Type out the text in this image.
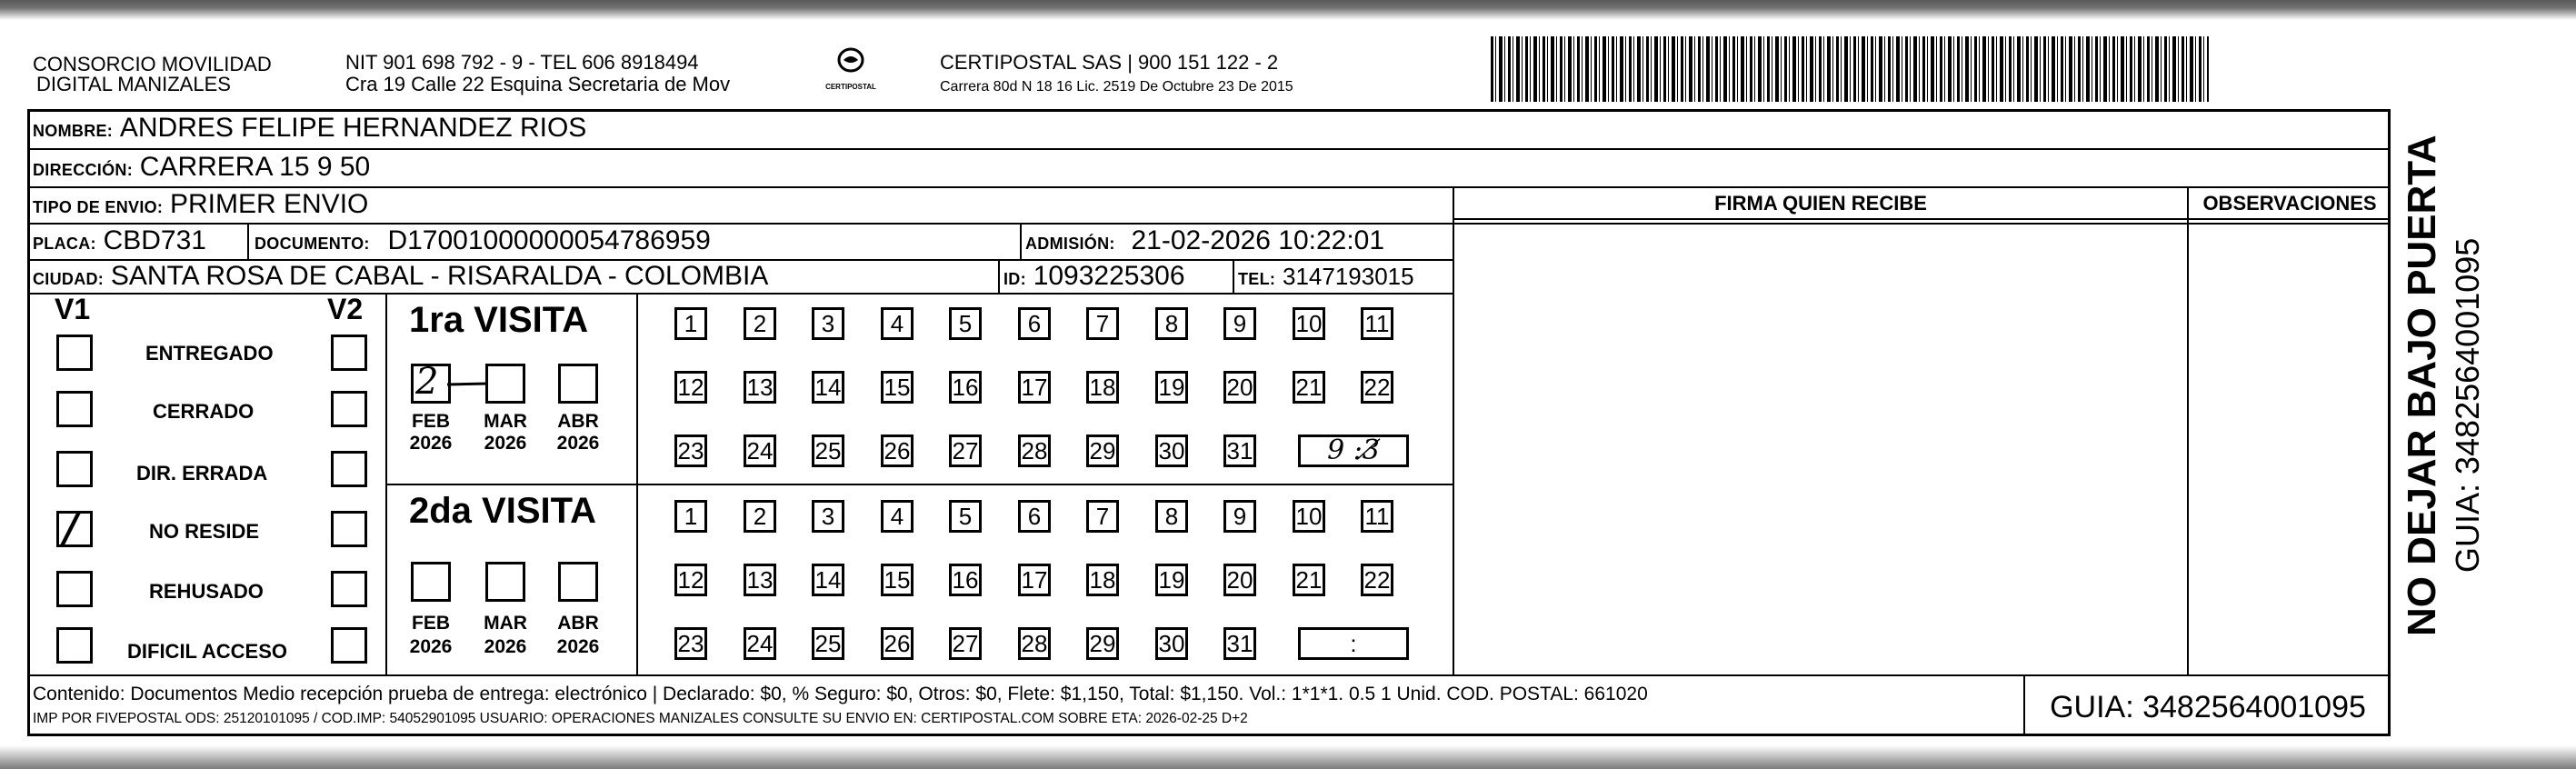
CONSORCIO MOVILIDAD
DIGITAL MANIZALES
NIT 901 698 792 - 9 - TEL 606 8918494
Cra 19 Calle 22 Esquina Secretaria de Mov	CERTIPOSTAL
CERTIPOSTAL SAS | 900 151 122 - 2
Carrera 80d N 18 16 Lic. 2519 De Octubre 23 De 2015
NOMBRE: ANDRES FELIPE HERNANDEZ RIOS
DIRECCIÓN: CARRERA 15 9 50
TIPO DE ENVIO: PRIMER ENVIO
PLACA: CBD731	DOCUMENTO: D17001000000054786959	ADMISIÓN: 21-02-2026 10:22:01
CIUDAD: SANTA ROSA DE CABAL - RISARALDA - COLOMBIA	ID: 1093225306	TEL: 3147193015
V1	V2
ENTREGADO
CERRADO
DIR. ERRADA
/	NO RESIDE
REHUSADO
DIFICIL ACCESO
1ra VISITA
2
FEB	MAR	ABR
2026	2026	2026
2da VISITA
FEB	MAR	ABR
2026	2026	2026
1	2	3	4	5	6	7	8	9	10 11
12 13 14 15 16 17 18 19 20 21 22
23 24 25 26 27 28 29 30 31
1	2	3	4	5	6	7	8	9	10 11
12 13 14 15 16 17 18 19 20 21 22
23 24 25 26 27 28 29 30 31
9 :3̸
:
FIRMA QUIEN RECIBE	OBSERVACIONES
Contenido: Documentos Medio recepción prueba de entrega: electrónico | Declarado: $0, % Seguro: $0, Otros: $0, Flete: $1,150, Total: $1,150. Vol.: 1*1*1. 0.5 1 Unid. COD. POSTAL: 661020
IMP POR FIVEPOSTAL ODS: 25120101095 / COD.IMP: 54052901095 USUARIO: OPERACIONES MANIZALES CONSULTE SU ENVIO EN: CERTIPOSTAL.COM SOBRE ETA: 2026-02-25 D+2	GUIA: 3482564001095
NO DEJAR BAJO PUERTA GUIA: 3482564001095
